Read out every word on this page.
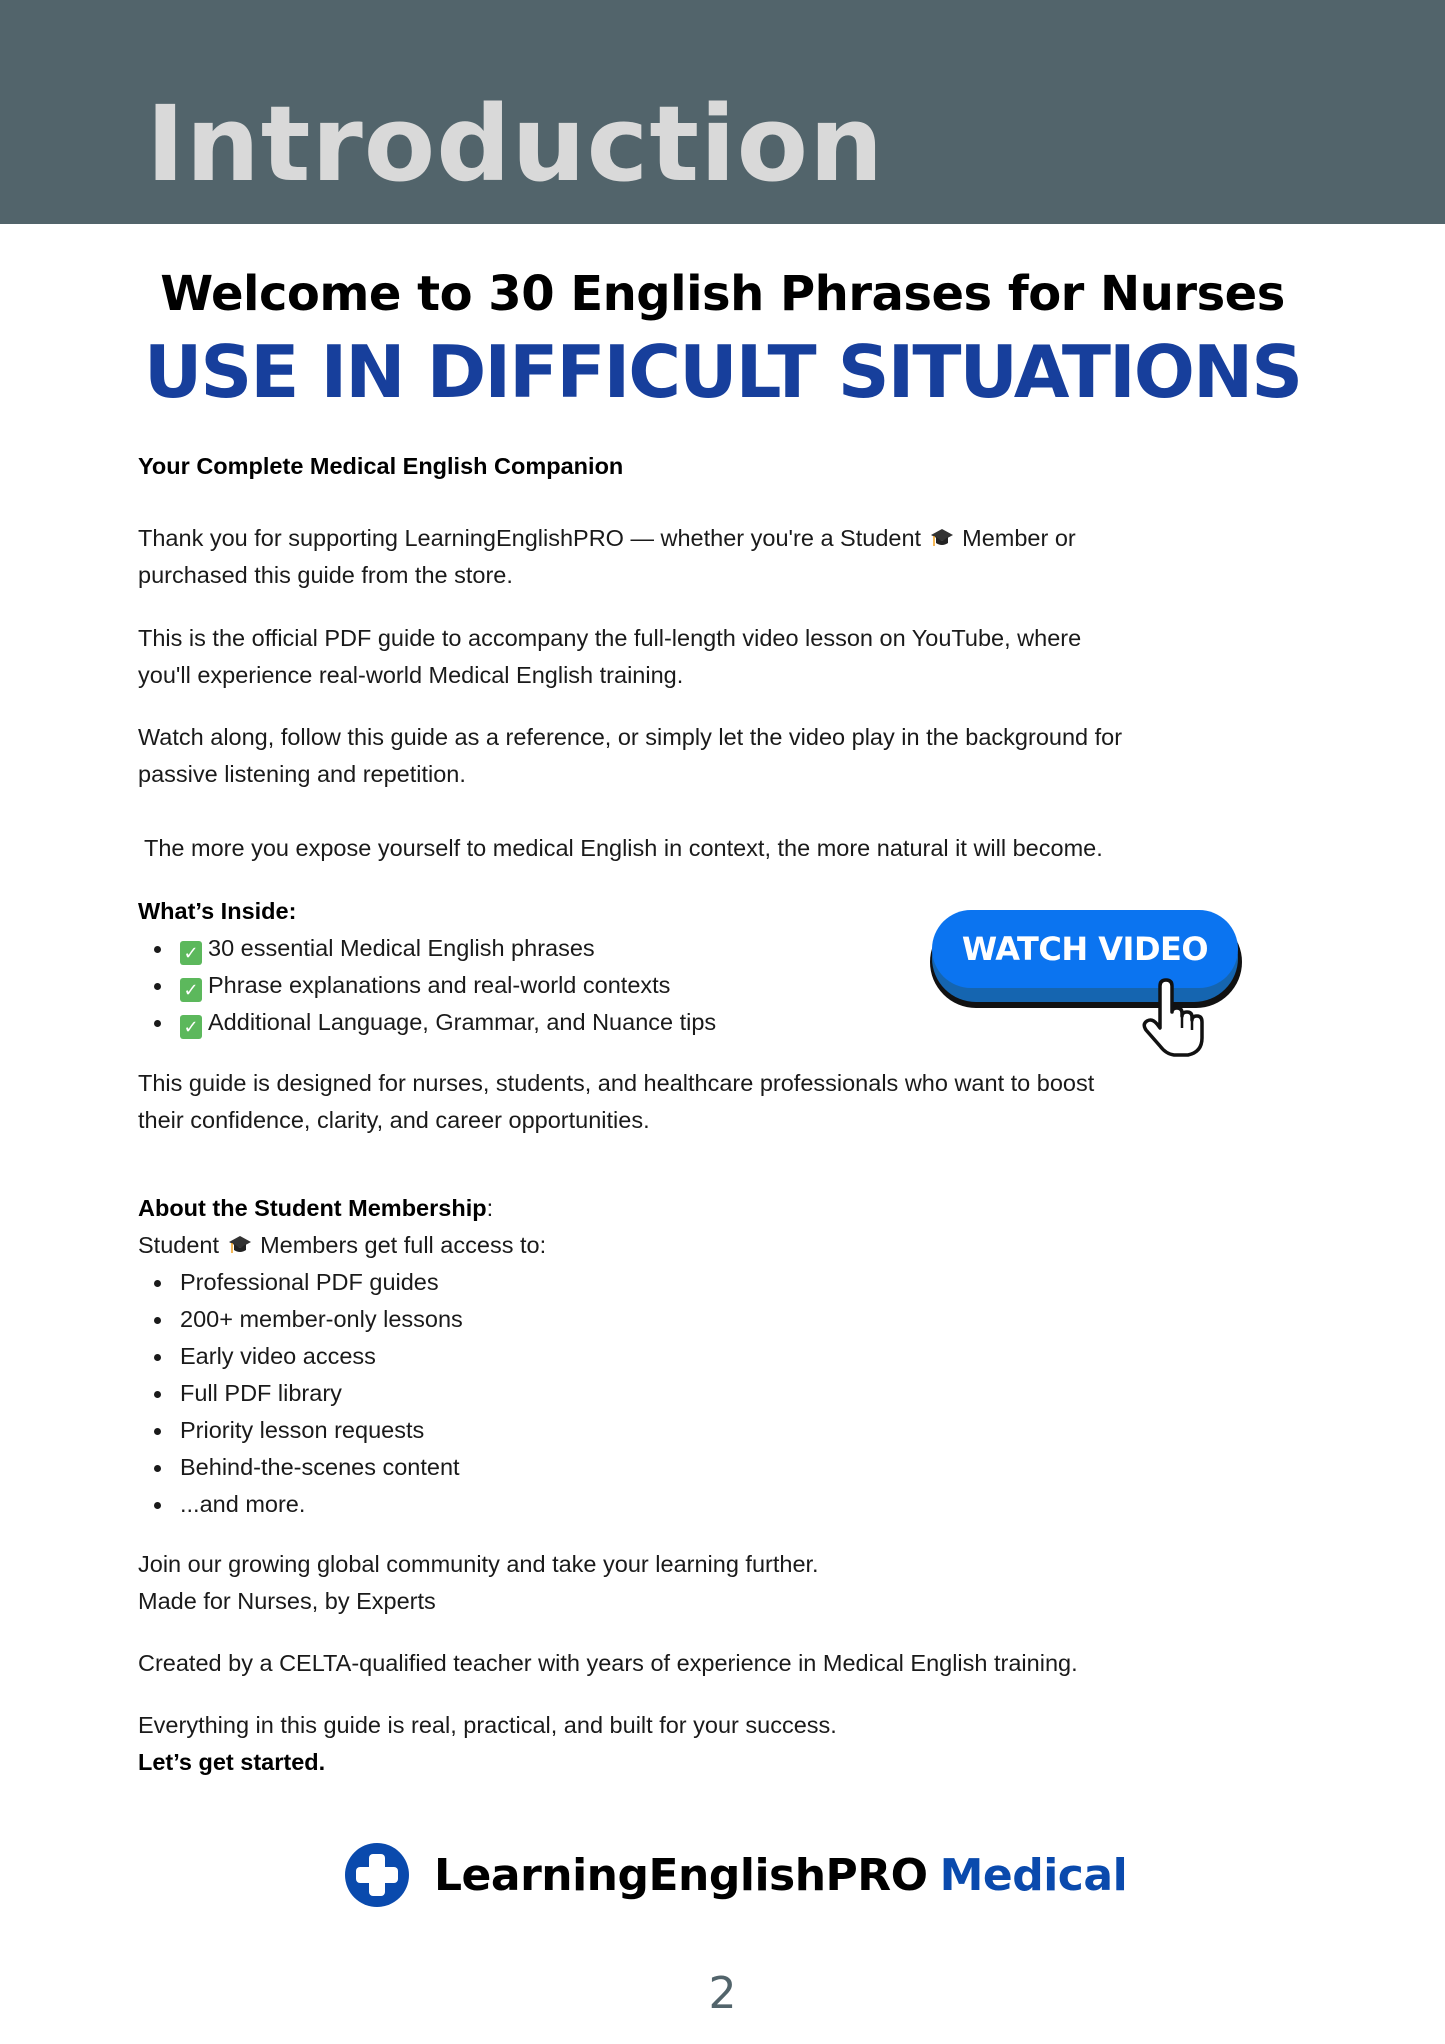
Introduction
Welcome to 30 English Phrases for Nurses
USE IN DIFFICULT SITUATIONS
Your Complete Medical English Companion
Thank you for supporting LearningEnglishPRO — whether you're a Student Member or
purchased this guide from the store.
This is the official PDF guide to accompany the full-length video lesson on YouTube, where
you'll experience real-world Medical English training.
Watch along, follow this guide as a reference, or simply let the video play in the background for
passive listening and repetition.
The more you expose yourself to medical English in context, the more natural it will become.
What’s Inside:
✓ 30 essential Medical English phrases
✓ Phrase explanations and real-world contexts
✓ Additional Language, Grammar, and Nuance tips
WATCH VIDEO
This guide is designed for nurses, students, and healthcare professionals who want to boost
their confidence, clarity, and career opportunities.
About the Student Membership:
Student Members get full access to:
Professional PDF guides
200+ member-only lessons
Early video access
Full PDF library
Priority lesson requests
Behind-the-scenes content
...and more.
Join our growing global community and take your learning further.
Made for Nurses, by Experts
Created by a CELTA-qualified teacher with years of experience in Medical English training.
Everything in this guide is real, practical, and built for your success.
Let’s get started.
LearningEnglishPRO Medical
2
